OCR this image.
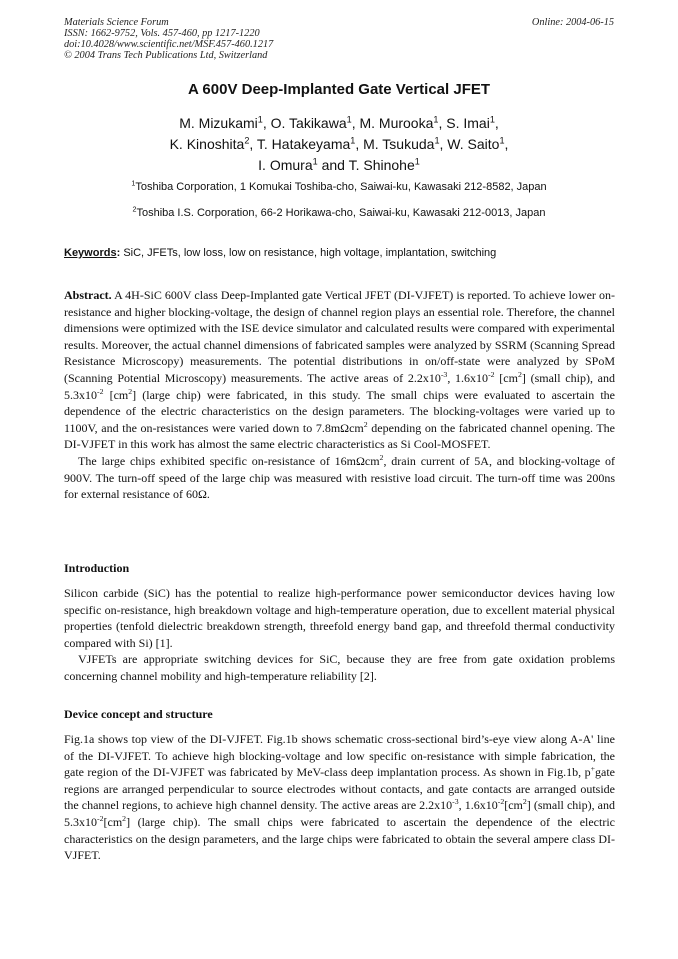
Materials Science Forum
ISSN: 1662-9752, Vols. 457-460, pp 1217-1220
doi:10.4028/www.scientific.net/MSF.457-460.1217
© 2004 Trans Tech Publications Ltd, Switzerland
Online: 2004-06-15
A 600V Deep-Implanted Gate Vertical JFET
M. Mizukami$^1$, O. Takikawa$^1$, M. Murooka$^1$, S. Imai$^1$,
K. Kinoshita$^2$, T. Hatakeyama$^1$, M. Tsukuda$^1$, W. Saito$^1$,
I. Omura$^1$ and T. Shinohe$^1$
$^1$Toshiba Corporation, 1 Komukai Toshiba-cho, Saiwai-ku, Kawasaki 212-8582, Japan
$^2$Toshiba I.S. Corporation, 66-2 Horikawa-cho, Saiwai-ku, Kawasaki 212-0013, Japan
Keywords: SiC, JFETs, low loss, low on resistance, high voltage, implantation, switching

Abstract. A 4H-SiC 600V class Deep-Implanted gate Vertical JFET (DI-VJFET) is reported. To achieve lower on-resistance and higher blocking-voltage, the design of channel region plays an essential role. Therefore, the channel dimensions were optimized with the ISE device simulator and calculated results were compared with experimental results. Moreover, the actual channel dimensions of fabricated samples were analyzed by SSRM (Scanning Spread Resistance Microscopy) measurements. The potential distributions in on/off-state were analyzed by SPoM (Scanning Potential Microscopy) measurements. The active areas of $2.2x10^{-3}$, $1.6x10^{-2}$ $[cm^2]$ (small chip), and $5.3x10^{-2}$ $[cm^2]$ (large chip) were fabricated, in this study. The small chips were evaluated to ascertain the dependence of the electric characteristics on the design parameters. The blocking-voltages were varied up to 1100V, and the on-resistances were varied down to 7.8mΩcm$^2$ depending on the fabricated channel opening. The DI-VJFET in this work has almost the same electric characteristics as Si Cool-MOSFET.

The large chips exhibited specific on-resistance of 16mΩcm$^2$, drain current of 5A, and blocking-voltage of 900V. The turn-off speed of the large chip was measured with resistive load circuit. The turn-off time was 200ns for external resistance of 60Ω.

Introduction

Silicon carbide (SiC) has the potential to realize high-performance power semiconductor devices having low specific on-resistance, high breakdown voltage and high-temperature operation, due to excellent material physical properties (tenfold dielectric breakdown strength, threefold energy band gap, and threefold thermal conductivity compared with Si) [1].

VJFETs are appropriate switching devices for SiC, because they are free from gate oxidation problems concerning channel mobility and high-temperature reliability [2].

Device concept and structure

Fig.1a shows top view of the DI-VJFET. Fig.1b shows schematic cross-sectional bird’s-eye view along A-A' line of the DI-VJFET. To achieve high blocking-voltage and low specific on-resistance with simple fabrication, the gate region of the DI-VJFET was fabricated by MeV-class deep implantation process. As shown in Fig.1b, p+gate regions are arranged perpendicular to source electrodes without contacts, and gate contacts are arranged outside the channel regions, to achieve high channel density. The active areas are $2.2x10^{-3}$, $1.6x10^{-2}[cm^2]$ (small chip), and $5.3x10^{-2}[cm^2]$ (large chip). The small chips were fabricated to ascertain the dependence of the electric characteristics on the design parameters, and the large chips were fabricated to obtain the several ampere class DI-VJFET.
